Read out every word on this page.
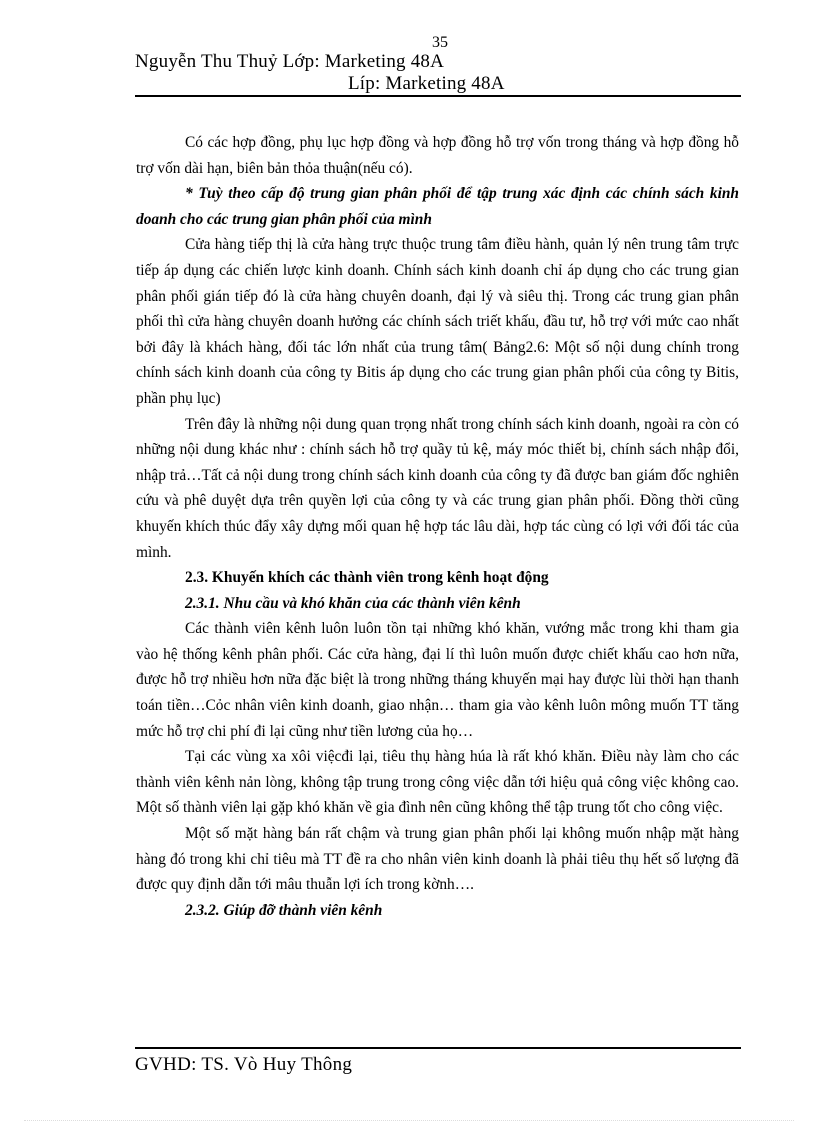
35
Nguyễn Thu Thuỷ Lớp: Marketing 48A
Líp: Marketing 48A

Có các hợp đồng, phụ lục hợp đồng và hợp đồng hỗ trợ vốn trong tháng và hợp đồng hỗ trợ vốn dài hạn, biên bản thỏa thuận(nếu có).

* Tuỳ theo cấp độ trung gian phân phối để tập trung xác định các chính sách kinh doanh cho các trung gian phân phối của mình

Cửa hàng tiếp thị là cửa hàng trực thuộc trung tâm điều hành, quản lý nên trung tâm trực tiếp áp dụng các chiến lược kinh doanh. Chính sách kinh doanh chỉ áp dụng cho các trung gian phân phối gián tiếp đó là cửa hàng chuyên doanh, đại lý và siêu thị. Trong các trung gian phân phối thì cửa hàng chuyên doanh hưởng các chính sách triết khấu, đầu tư, hỗ trợ với mức cao nhất bởi đây là khách hàng, đối tác lớn nhất của trung tâm( Bảng2.6: Một số nội dung chính trong chính sách kinh doanh của công ty Bitis áp dụng cho các trung gian phân phối của công ty Bitis, phần phụ lục)

Trên đây là những nội dung quan trọng nhất trong chính sách kinh doanh, ngoài ra còn có những nội dung khác như : chính sách hỗ trợ quầy tủ kệ, máy móc thiết bị, chính sách nhập đổi, nhập trả…Tất cả nội dung trong chính sách kinh doanh của công ty đã được ban giám đốc nghiên cứu và phê duyệt dựa trên quyền lợi của công ty và các trung gian phân phối. Đồng thời cũng khuyến khích thúc đẩy xây dựng mối quan hệ hợp tác lâu dài, hợp tác cùng có lợi với đối tác của mình.

2.3. Khuyến khích các thành viên trong kênh hoạt động

2.3.1. Nhu cầu và khó khăn của các thành viên kênh

Các thành viên kênh luôn luôn tồn tại những khó khăn, vướng mắc trong khi tham gia vào hệ thống kênh phân phối. Các cửa hàng, đại lí thì luôn muốn được chiết khấu cao hơn nữa, được hỗ trợ nhiều hơn nữa đặc biệt là trong những tháng khuyến mại hay được lùi thời hạn thanh toán tiền…Cỏc nhân viên kinh doanh, giao nhận… tham gia vào kênh luôn mông muốn TT tăng mức hỗ trợ chi phí đi lại cũng như tiền lương của họ…

Tại các vùng xa xôi việcđi lại, tiêu thụ hàng húa là rất khó khăn. Điều này làm cho các thành viên kênh nản lòng, không tập trung trong công việc dẫn tới hiệu quả công việc không cao. Một số thành viên lại gặp khó khăn về gia đình nên cũng không thể tập trung tốt cho công việc.

Một số mặt hàng bán rất chậm và trung gian phân phối lại không muốn nhập mặt hàng hàng đó trong khi chỉ tiêu mà TT đề ra cho nhân viên kinh doanh là phải tiêu thụ hết số lượng đã được quy định dẫn tới mâu thuẫn lợi ích trong kờnh….

2.3.2. Giúp đỡ thành viên kênh

GVHD: TS. Vò Huy Thông
